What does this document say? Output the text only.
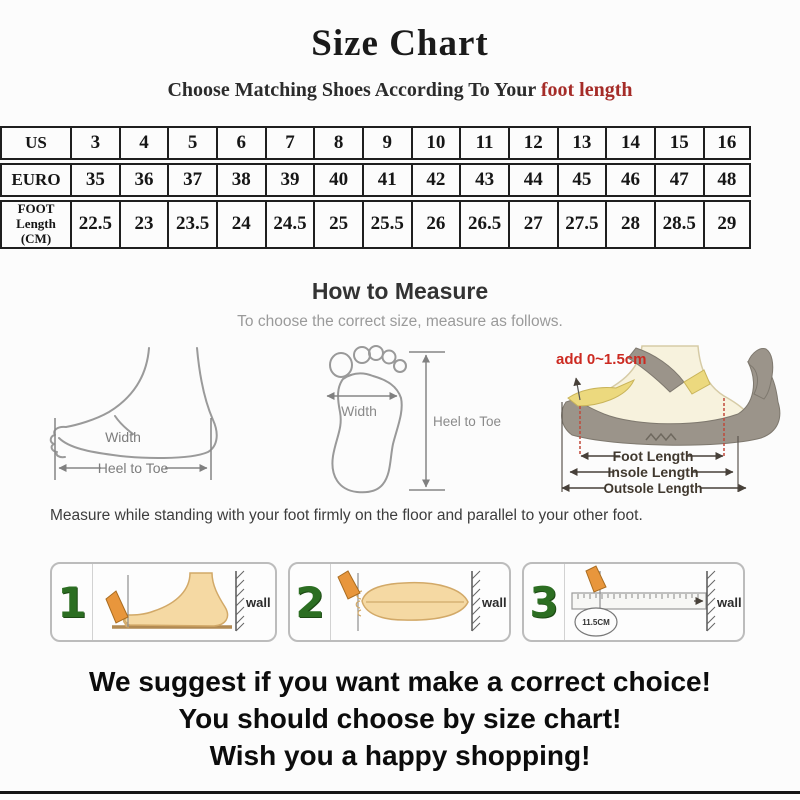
Size Chart
Choose Matching Shoes According To Your foot length
US	3	4	5	6	7	8	9	10	11	12	13	14	15	16

EURO	35	36	37	38	39	40	41	42	43	44	45	46	47	48

FOOT
Length
(CM)	22.5	23	23.5	24	24.5	25	25.5	26	26.5	27	27.5	28	28.5	29
How to Measure
To choose the correct size, measure as follows.
Width
Heel to Toe
Width
Heel to Toe
add 0~1.5cm
Foot Length
Insole Length
Outsole Length
Measure while standing with your foot firmly on the floor and parallel to your other foot.
1	wall 2	wall 3	11.5CM
wall
We suggest if you want make a correct choice!
You should choose by size chart!
Wish you a happy shopping!
